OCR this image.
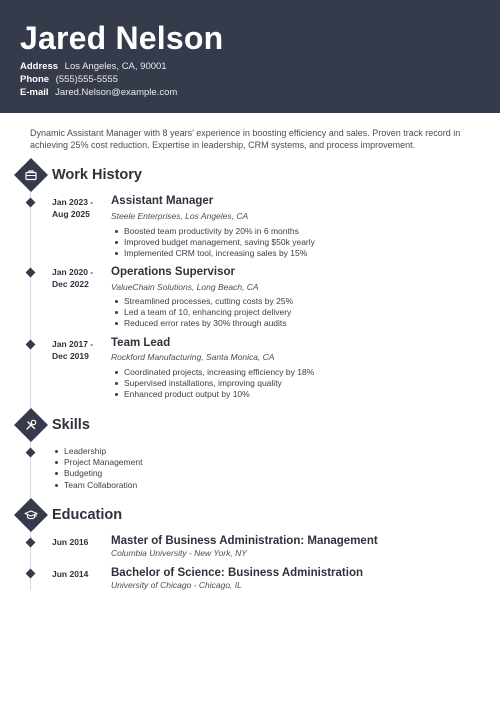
Jared Nelson
Address Los Angeles, CA, 90001
Phone (555)555-5555
E-mail Jared.Nelson@example.com
Dynamic Assistant Manager with 8 years' experience in boosting efficiency and sales. Proven track record in achieving 25% cost reduction. Expertise in leadership, CRM systems, and process improvement.
Work History
Jan 2023 -
Aug 2025
Assistant Manager
Steele Enterprises, Los Angeles, CA
Boosted team productivity by 20% in 6 months
Improved budget management, saving $50k yearly
Implemented CRM tool, increasing sales by 15%
Jan 2020 -
Dec 2022
Operations Supervisor
ValueChain Solutions, Long Beach, CA
Streamlined processes, cutting costs by 25%
Led a team of 10, enhancing project delivery
Reduced error rates by 30% through audits
Jan 2017 -
Dec 2019
Team Lead
Rockford Manufacturing, Santa Monica, CA
Coordinated projects, increasing efficiency by 18%
Supervised installations, improving quality
Enhanced product output by 10%
Skills
Leadership
Project Management
Budgeting
Team Collaboration
Education
Jun 2016 Master of Business Administration: Management
Columbia University - New York, NY
Jun 2014 Bachelor of Science: Business Administration
University of Chicago - Chicago, IL
